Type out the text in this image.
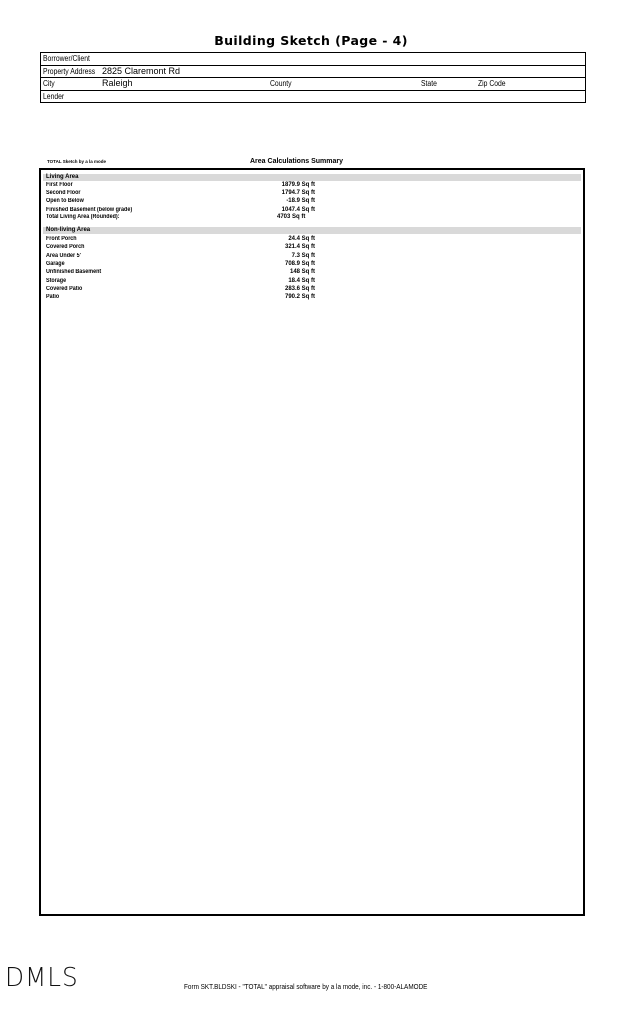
Building Sketch (Page - 4)
Borrower/Client
Property Address 2825 Claremont Rd
City	Raleigh	County	State	Zip Code
Lender
TOTAL Sketch by a la mode	Area Calculations Summary
Living Area
First Floor	1879.9 Sq ft
Second Floor	1794.7 Sq ft
Open to Below	-18.9 Sq ft
Finished Basement (below grade)	1047.4 Sq ft
Total Living Area (Rounded):	4703 Sq ft
Non-living Area
Front Porch	24.4 Sq ft
Covered Porch	321.4 Sq ft
Area Under 5'	7.3 Sq ft
Garage	708.9 Sq ft
Unfinished Basement	148 Sq ft
Storage	18.4 Sq ft
Covered Patio	283.6 Sq ft
Patio	790.2 Sq ft
DMLS	Form SKT.BLDSKI - "TOTAL" appraisal software by a la mode, inc. - 1-800-ALAMODE
